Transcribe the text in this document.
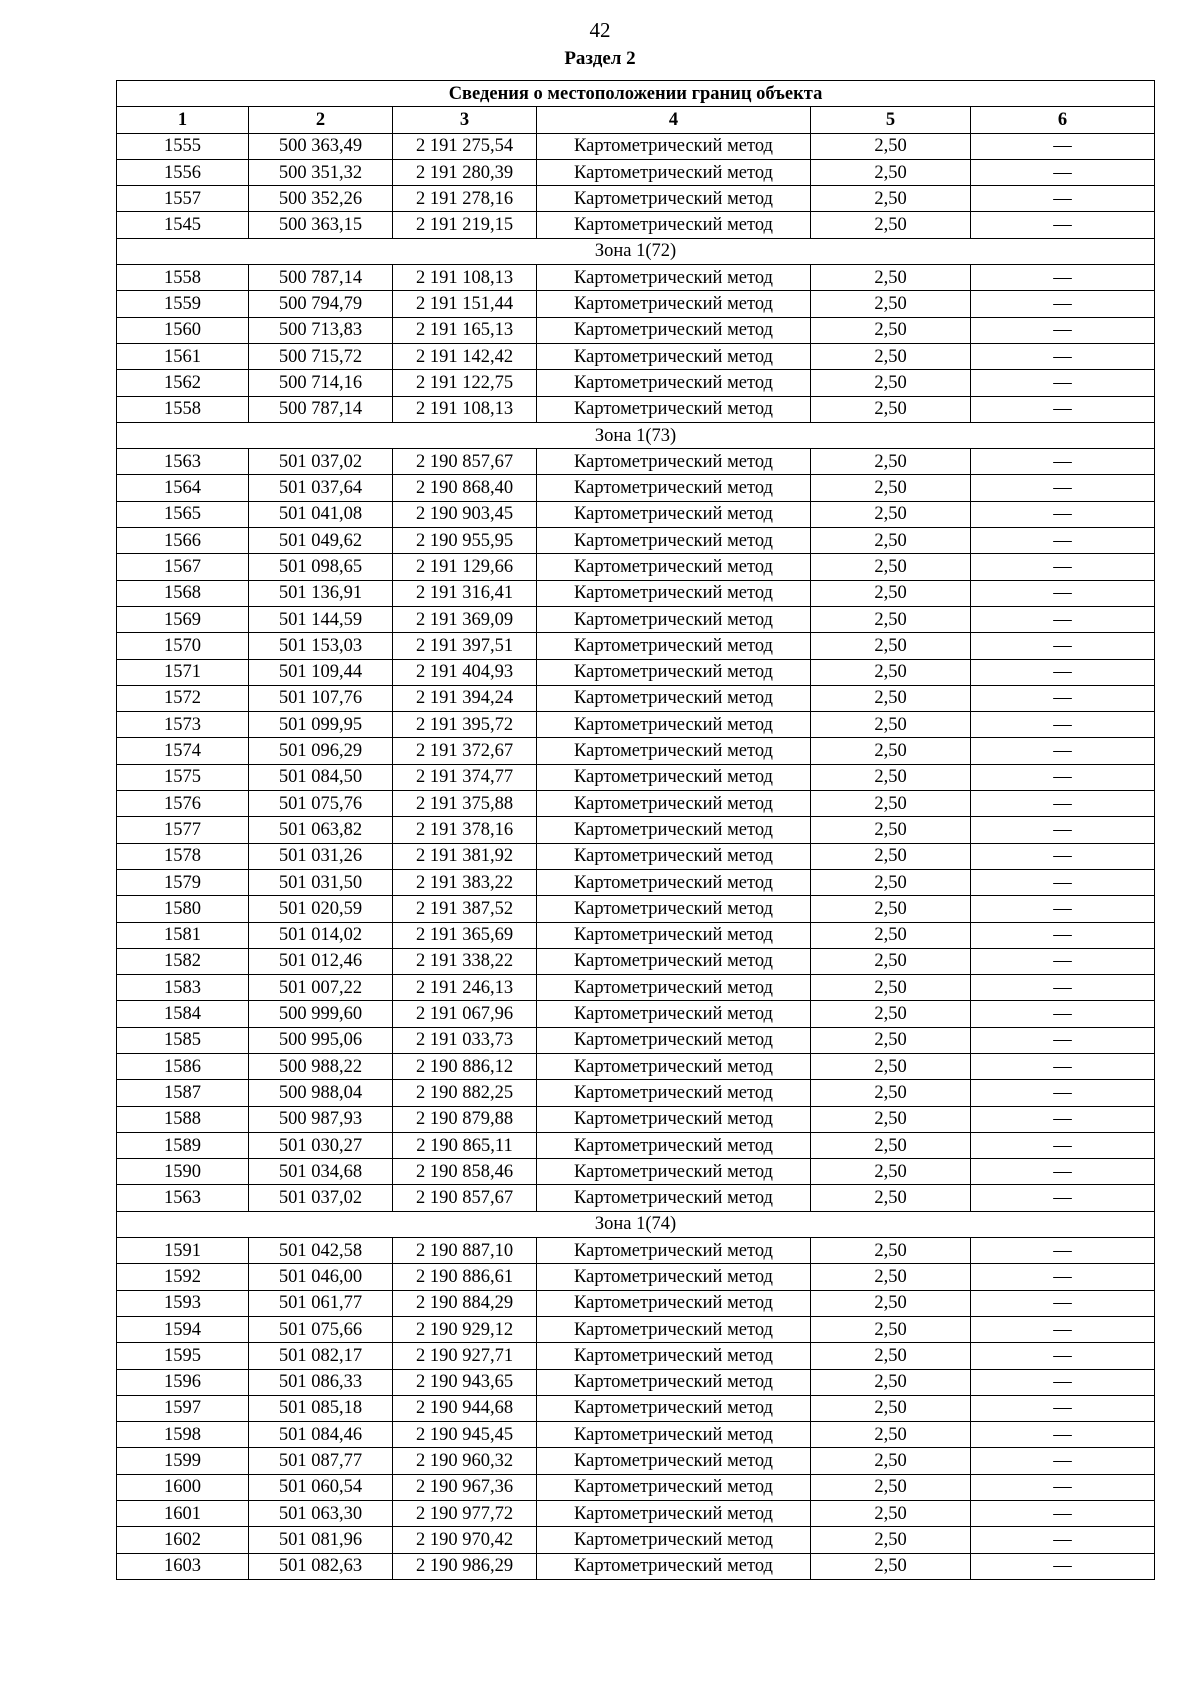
42
Раздел 2
Сведения о местоположении границ объекта					
1	2	3	4	5	6
1555	500 363,49	2 191 275,54	Картометрический метод	2,50	—
1556	500 351,32	2 191 280,39	Картометрический метод	2,50	—
1557	500 352,26	2 191 278,16	Картометрический метод	2,50	—
1545	500 363,15	2 191 219,15	Картометрический метод	2,50	—
Зона 1(72)					
1558	500 787,14	2 191 108,13	Картометрический метод	2,50	—
1559	500 794,79	2 191 151,44	Картометрический метод	2,50	—
1560	500 713,83	2 191 165,13	Картометрический метод	2,50	—
1561	500 715,72	2 191 142,42	Картометрический метод	2,50	—
1562	500 714,16	2 191 122,75	Картометрический метод	2,50	—
1558	500 787,14	2 191 108,13	Картометрический метод	2,50	—
Зона 1(73)					
1563	501 037,02	2 190 857,67	Картометрический метод	2,50	—
1564	501 037,64	2 190 868,40	Картометрический метод	2,50	—
1565	501 041,08	2 190 903,45	Картометрический метод	2,50	—
1566	501 049,62	2 190 955,95	Картометрический метод	2,50	—
1567	501 098,65	2 191 129,66	Картометрический метод	2,50	—
1568	501 136,91	2 191 316,41	Картометрический метод	2,50	—
1569	501 144,59	2 191 369,09	Картометрический метод	2,50	—
1570	501 153,03	2 191 397,51	Картометрический метод	2,50	—
1571	501 109,44	2 191 404,93	Картометрический метод	2,50	—
1572	501 107,76	2 191 394,24	Картометрический метод	2,50	—
1573	501 099,95	2 191 395,72	Картометрический метод	2,50	—
1574	501 096,29	2 191 372,67	Картометрический метод	2,50	—
1575	501 084,50	2 191 374,77	Картометрический метод	2,50	—
1576	501 075,76	2 191 375,88	Картометрический метод	2,50	—
1577	501 063,82	2 191 378,16	Картометрический метод	2,50	—
1578	501 031,26	2 191 381,92	Картометрический метод	2,50	—
1579	501 031,50	2 191 383,22	Картометрический метод	2,50	—
1580	501 020,59	2 191 387,52	Картометрический метод	2,50	—
1581	501 014,02	2 191 365,69	Картометрический метод	2,50	—
1582	501 012,46	2 191 338,22	Картометрический метод	2,50	—
1583	501 007,22	2 191 246,13	Картометрический метод	2,50	—
1584	500 999,60	2 191 067,96	Картометрический метод	2,50	—
1585	500 995,06	2 191 033,73	Картометрический метод	2,50	—
1586	500 988,22	2 190 886,12	Картометрический метод	2,50	—
1587	500 988,04	2 190 882,25	Картометрический метод	2,50	—
1588	500 987,93	2 190 879,88	Картометрический метод	2,50	—
1589	501 030,27	2 190 865,11	Картометрический метод	2,50	—
1590	501 034,68	2 190 858,46	Картометрический метод	2,50	—
1563	501 037,02	2 190 857,67	Картометрический метод	2,50	—
Зона 1(74)					
1591	501 042,58	2 190 887,10	Картометрический метод	2,50	—
1592	501 046,00	2 190 886,61	Картометрический метод	2,50	—
1593	501 061,77	2 190 884,29	Картометрический метод	2,50	—
1594	501 075,66	2 190 929,12	Картометрический метод	2,50	—
1595	501 082,17	2 190 927,71	Картометрический метод	2,50	—
1596	501 086,33	2 190 943,65	Картометрический метод	2,50	—
1597	501 085,18	2 190 944,68	Картометрический метод	2,50	—
1598	501 084,46	2 190 945,45	Картометрический метод	2,50	—
1599	501 087,77	2 190 960,32	Картометрический метод	2,50	—
1600	501 060,54	2 190 967,36	Картометрический метод	2,50	—
1601	501 063,30	2 190 977,72	Картометрический метод	2,50	—
1602	501 081,96	2 190 970,42	Картометрический метод	2,50	—
1603	501 082,63	2 190 986,29	Картометрический метод	2,50	—
